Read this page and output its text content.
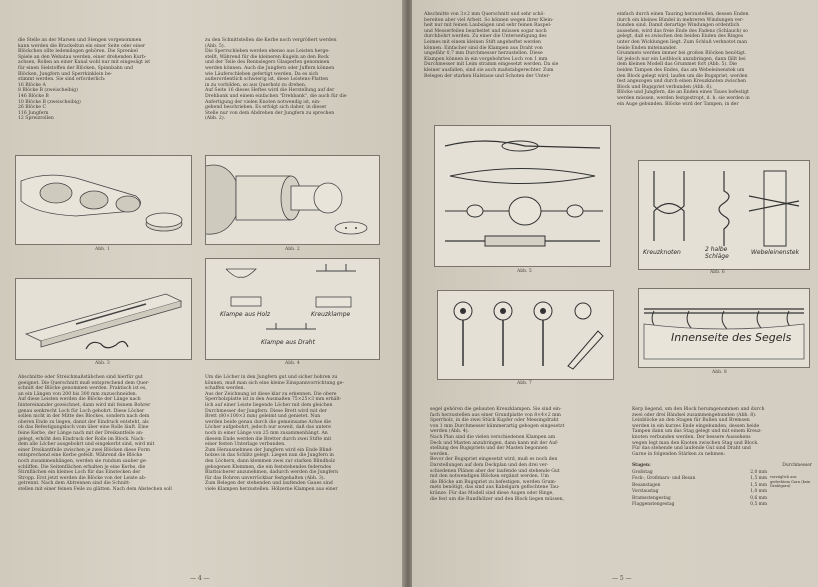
die Stelle an der Marsen und Stengen vorgenommen

kann werden die Brackeltun ein einer Seite oder einer

Blöckchen ollte ledemilogen gehören. Die Sprenkel

Spiele an den Webatau werden, einer drehenden Kurb-

achsen, Rollen an einer Kanal wohl nur mit eingesägt ist

für einen Sielstoffen der Blöcken, Spinnbahn und

Blöcken, Jungfern und Sperrkinklein be-

stimmt werden. Sie sind erforderlich:

16 Blöcke A

8 Blöcke B (zweischeibig)

146 Blöcke B

10 Blöcke B (zweischeibig)

26 Blöcke C

116 Jungfern

12 Spreizrollen

zu den Schnittstellen die Kerbe noch vergrößert werden

(Abb. 5).

Die Sperrschleben werden ebenso aus Leisten herge-

stellt, Während für die kleineren Kugeln an den Bock

und der Teile des Rennslegers Glasperlen genommen

werden können. Auch die Jungfern oder Juffern können

wie Läuferschleben gefertigt werden. Da es sich

außerordentlich schwierig ist, diese Leistens-Platten

in zu vorbilden, so aus Querholz zu drehen.

Auf Seite 16 dieses Heftes wird die Herstellung auf der

Drehbank und einem einfachen "Drehbank", die auch für die

Anfertigung der vielen Knoten notwendig ist, ein-

gehend beschrieben. Es erfolgt sich daher, in dieser

Stelle nur von dem Abdrehen der Jungfern zu sprechen

(Abb. 2).

Abb. 1	Abb. 2
Abb. 3
Klampe aus Holz	Kreuzklampe
Klampe aus Draht
Abb. 4

Abschnitte oder Streichmaßstäbchen sind hierfür gut

geeignet. Die Querschnitt muß entsprechend dem Quer-

schnitt der Blöcke genommen werden. Praktisch ist es,

an ein Längen von 200 bis 300 mm zuzuschneiden.

Auf diese Leisten werden die Blöcke der Länge nach

hintereinander gezeichnet, dann wird mit feinem Bohrer

genau senkrecht Loch für Loch gebohrt. Diese Löcher

sollen nicht in der Mitte des Blockes, sondern nach dem

oberen Ende zu liegen, damit der Eindruck entsteht, als

ob das Befestigungsloch vom über eine Rolle läuft. Eine

feine Kerbe, der Länge nach mit der Dreikantfeile an-

gelegt, erhöht den Eindruck der Rolle im Block. Nach-

dem alle Löcher ausgebohrt und eingekerbt sind, wird mit

einer Dreikantfeile zwischen je zwei Blöcken diese Form

entsprechend eine Kerbe gefeilt. Während die Blöcke

noch zusammenhängen, werden sie rundum sauber ge-

schliffen. Die Seitenflächen erhalten je eine Kerbe, die

Stirnflächen ein kleines Loch für das Einstecken der

Stropp. Erst jetzt werden die Blöcke von der Leiste ab-

getrennt. Nach dem Abtrennen sind die Schnitt-

stellen mit einer feinen Feile zu glätten. Nach dem Abstechen soll

Um die Löcher in den Jungfern gut und sicher bohren zu

können, muß man sich eine kleine Einspannvorrichtung ge-

schaffen werden.

Aus der Zeichnung ist diese klar zu erkennen. Die obere

Sperrholzplatte ist in den Ausmaßen 75×25×3 mm erhält-

lich auf einer Leiste liegende Löcher mit dem gleichen

Durchmesser der Jungfern. Diese Brett wird mit der

Brett (80×100×3 mm) geleimt und genietet. Nun

werden beide genau durch die gemeinsame Achse die

Löcher aufgebohrt, jedoch nur soweit, daß das untere

noch in einer Länge von 25 mm zusammenhängt. An

diesem Ende werden die Bretter durch zwei Stifte mit

einer festen Unterlage verbunden.

Zum Herausnehmen der Jungfern wird ein Ende Blind-

holzes in das Schlitz gelegt. Liegen nun die Jungfern in

den Löchern, dann klemmen zwei zur starken Blindholz

gebogenen Klemmen, die ein feststehendes federndes

Blattsicherer anzunehmen, dadurch werden die Jungfern

für das Bohren unverrückbar festgehalten (Abb. 3).

Zum Belegen der stehenden und laufenden Gaues sind

viele Klampen herzustellen. Hölzerne Klampen aus einer

— 4 —

Abschnitte von 3×2 mm Querschnitt und sehr schö-

bereiten aber viel Arbeit. So können wegen ihrer Klein-

heit nur mit feinen Laubsägen und sehr feinen Raspel-

und Messerfeilen bearbeitet und müssen sogar noch

durchbohrt werden. Zu einer die Unterseitigung des

Leimes mit einem kleinen Stift angeheftet werden

können. Einfacher sind die Klampen aus Draht von

ungefähr 0,7 mm Durchmesser herzustellen. Diese

Klampen können in ein vorgebohrtes Loch von 1 mm

Durchmesser mit Leim stramm eingesetzt werden. Da sie

kleiner ausfallen, sind sie auch maßstabgerechter. Zum

Belegen der starken Halstaue und Schoten der Unter-

einfach durch einen Tauring herzustellen, dessen Enden

durch ein kleines Bündel in mehreren Windungen ver-

bunden sind. Damit derartige Windungen ordentlich

aussehen, wird das freie Ende des Fadens (Schlauch) so

gelegt, daß es zwischen den beiden Enden des Ringes

unter den Wicklungen liegt. Zum Schluß verknotet man

beide Enden miteinander.

Grummets werden immer bei großen Blöcken benötigt.

Ist jedoch nur ein Leitblock anzubringen, dann fällt bei

dem kleinen Modell das Grummet fort (Abb. 5). Die

beiden Tampen des Endes, das am Webeleinenstek um

den Block gelegt wird, laufen um die Bugspriet, werden

fest angezogen und durch einen Kreuzknoten zwischen

Block und Bugspriet verbunden (Abb. 6).

Blöcke und Jungfern, die an Enden eines Taues befestigt

werden müssen, werden festgestropt, d. h. sie werden in

ein Auge gebunden. Blöcke wird der Tampen, in der

Abb. 5
Kreuzknoten	2 halbe Schläge
Webeleinenstek
Abb. 6
Abb. 7
Innenseite des Segels
Abb. 8

segel gehören die gebauten Kreuzklampen. Sie sind ein-

fach herzustellen aus einer Grundplatte von 8×4×2 mm

Sperrholz, in die zwei Stück Kupfer oder Messingdraht

von 1 mm Durchmesser kümmerartig gebogen eingesetzt

werden (Abb. 4).

Nach Plan sind die vielen verschiedenen Klampen am

Deck und Masten anzubringen, dann kann mit der Auf-

stellung des Bugspriets und der Masten begonnen

werden.

Bevor der Bugspriet eingesetzt wird, muß es noch den

Darstellungen auf dem Deckplan und den drei ver-

schiedenen Plänen aber der laufende und stehende Gut

mit den notwendigen Blöcken ergänzt werden. Um

die Blöcke am Bugspriet zu befestigen, werden Grum-

mets benötigt, das sind aus Kabelgarn geflochtene Tau-

kränze. Für das Modell sind diese Augen oder Ringe,

die fest um die Rundhölzer und den Block liegen müssen,

Kerp liegend, um den Block herumgenommen und durch

zwei oder drei Bändsel zusammengebunden (Abb. 8).

Leinblöcke an den Stagen für Bullen und Bremsen

werden in ein kurzes Ende eingebunden, dessen beide

Tampen dann um das Stag gelegt und mit einem Kreuz-

knoten verbunden werden. Der bessere Aussehens

wegen legt man den Knoten zwischen Stag und Block.

Für das stehende und laufende Gut sind Draht und

Garne in folgenden Stärken zu nehmen:

Stagen:	Durchmesser
vorzüglich aus gedrehtem Garn (kein Drahtgarn)
Großstag	2,0 mm
Fock-, Großmars- und Besan	1,5 mm
Besanstagen	1,5 mm
Vorstaustag	1,0 mm
Bramsstengestag	0,6 mm
Flaggenstengestag	0,5 mm
— 5 —
